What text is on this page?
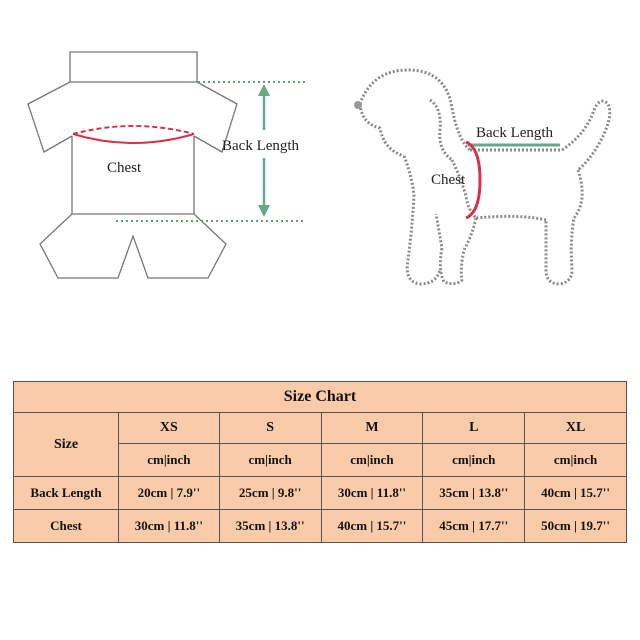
Chest
Back Length
Back Length
Chest
Size Chart					
Size	XS	S	M	L	XL
	cm|inch	cm|inch	cm|inch	cm|inch	cm|inch
Back Length	20cm | 7.9''	25cm | 9.8''	30cm | 11.8''	35cm | 13.8''	40cm | 15.7''
Chest	30cm | 11.8''	35cm | 13.8''	40cm | 15.7''	45cm | 17.7''	50cm | 19.7''
